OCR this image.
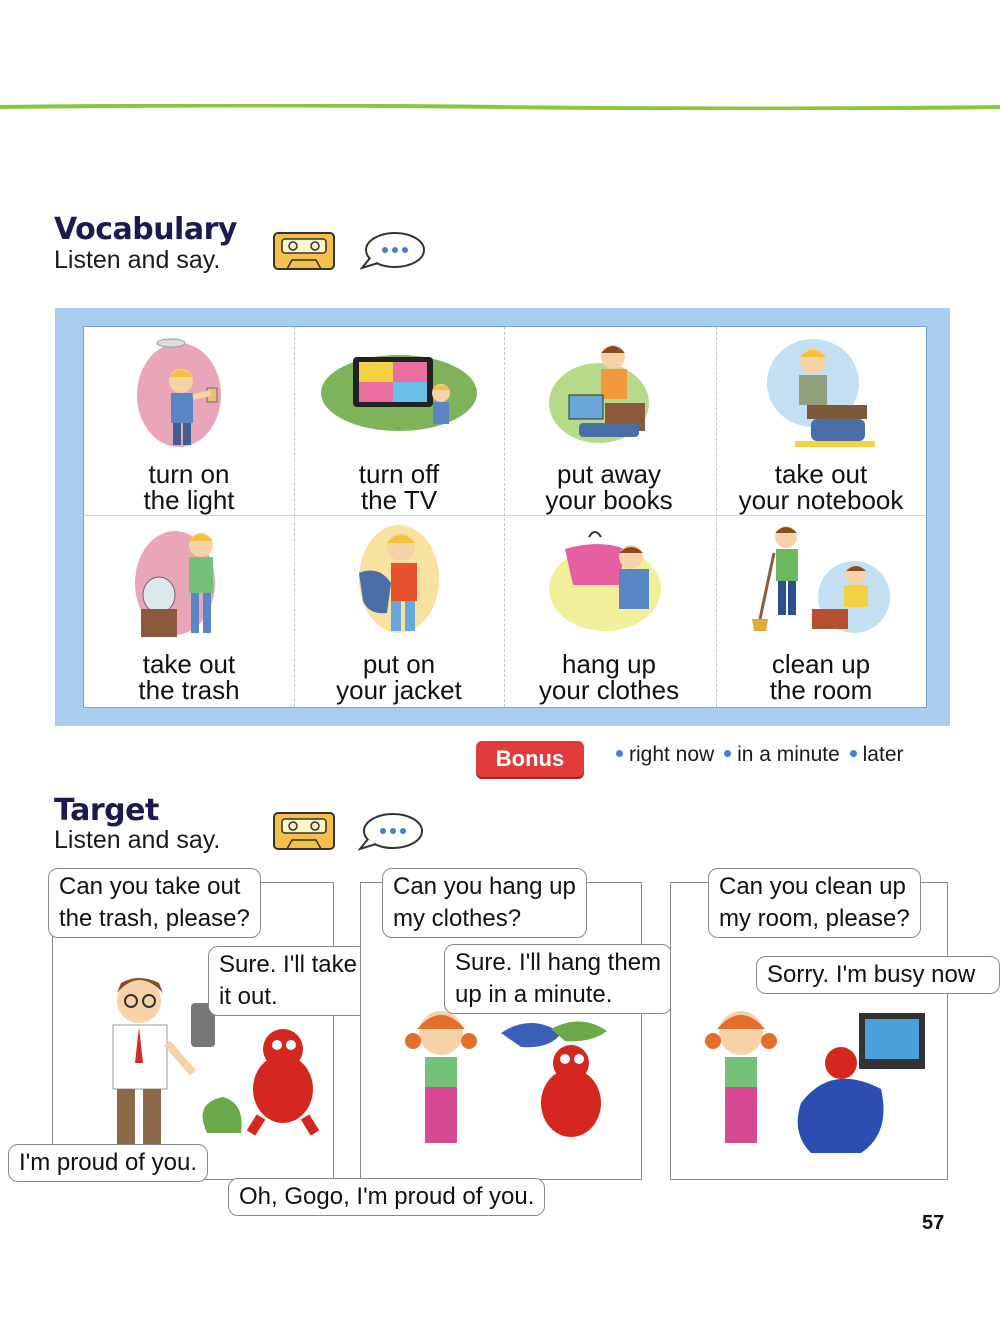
Vocabulary
Listen and say.
turn on
the light
turn off
the TV
put away
your books
take out
your notebook
take out
the trash
put on
your jacket
hang up
your clothes
clean up
the room
Bonus	right now in a minute later
Target
Listen and say.
Can you take out
the trash, please?
Sure. I'll take
it out.
I'm proud of you.
Can you hang up
my clothes?
Sure. I'll hang them
up in a minute.
Oh, Gogo, I'm proud of you.
Can you clean up
my room, please?
Sorry. I'm busy now
57
